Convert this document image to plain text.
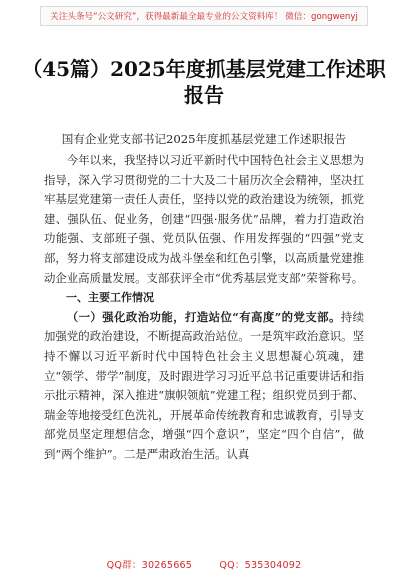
关注头条号“公文研究”，获得最新最全最专业的公文资料库！ 微信：gongwenyj
（45篇）2025年度抓基层党建工作述职
报告
国有企业党支部书记2025年度抓基层党建工作述职报告

今年以来，我坚持以习近平新时代中国特色社会主义思想为指导，深入学习贯彻党的二十大及二十届历次全会精神，坚决扛牢基层党建第一责任人责任，坚持以党的政治建设为统领，抓党建、强队伍、促业务，创建“四强·服务优”品牌，着力打造政治功能强、支部班子强、党员队伍强、作用发挥强的“四强”党支部，努力将支部建设成为战斗堡垒和红色引擎，以高质量党建推动企业高质量发展。支部获评全市“优秀基层党支部”荣誉称号。

一、主要工作情况

（一）强化政治功能，打造站位“有高度”的党支部。持续加强党的政治建设，不断提高政治站位。一是筑牢政治意识。坚持不懈以习近平新时代中国特色社会主义思想凝心筑魂，建立“领学、带学”制度，及时跟进学习习近平总书记重要讲话和指示批示精神，深入推进“旗帜领航”党建工程；组织党员到于都、瑞金等地接受红色洗礼，开展革命传统教育和忠诚教育，引导支部党员坚定理想信念，增强“四个意识”，坚定“四个自信”，做到“两个维护”。二是严肃政治生活。认真

QQ群：30265665	QQ：535304092
